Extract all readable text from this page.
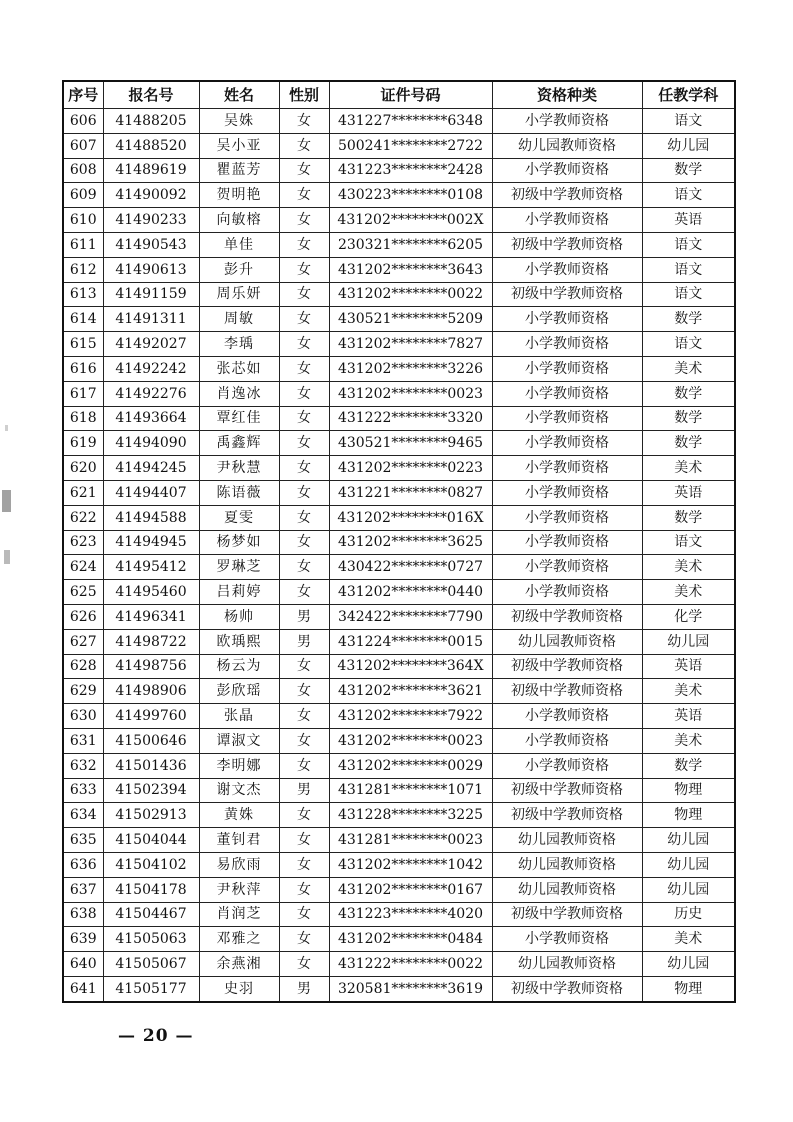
序号	报名号	姓名	性别	证件号码	资格种类	任教学科
606	41488205	吴姝	女	431227********6348	小学教师资格	语文
607	41488520	吴小亚	女	500241********2722	幼儿园教师资格	幼儿园
608	41489619	瞿蓝芳	女	431223********2428	小学教师资格	数学
609	41490092	贺明艳	女	430223********0108	初级中学教师资格	语文
610	41490233	向敏榕	女	431202********002X	小学教师资格	英语
611	41490543	单佳	女	230321********6205	初级中学教师资格	语文
612	41490613	彭升	女	431202********3643	小学教师资格	语文
613	41491159	周乐妍	女	431202********0022	初级中学教师资格	语文
614	41491311	周敏	女	430521********5209	小学教师资格	数学
615	41492027	李瑀	女	431202********7827	小学教师资格	语文
616	41492242	张芯如	女	431202********3226	小学教师资格	美术
617	41492276	肖逸冰	女	431202********0023	小学教师资格	数学
618	41493664	覃红佳	女	431222********3320	小学教师资格	数学
619	41494090	禹鑫辉	女	430521********9465	小学教师资格	数学
620	41494245	尹秋慧	女	431202********0223	小学教师资格	美术
621	41494407	陈语薇	女	431221********0827	小学教师资格	英语
622	41494588	夏雯	女	431202********016X	小学教师资格	数学
623	41494945	杨梦如	女	431202********3625	小学教师资格	语文
624	41495412	罗琳芝	女	430422********0727	小学教师资格	美术
625	41495460	吕莉婷	女	431202********0440	小学教师资格	美术
626	41496341	杨帅	男	342422********7790	初级中学教师资格	化学
627	41498722	欧瑀熙	男	431224********0015	幼儿园教师资格	幼儿园
628	41498756	杨云为	女	431202********364X	初级中学教师资格	英语
629	41498906	彭欣瑶	女	431202********3621	初级中学教师资格	美术
630	41499760	张晶	女	431202********7922	小学教师资格	英语
631	41500646	谭淑文	女	431202********0023	小学教师资格	美术
632	41501436	李明娜	女	431202********0029	小学教师资格	数学
633	41502394	谢文杰	男	431281********1071	初级中学教师资格	物理
634	41502913	黄姝	女	431228********3225	初级中学教师资格	物理
635	41504044	董钊君	女	431281********0023	幼儿园教师资格	幼儿园
636	41504102	易欣雨	女	431202********1042	幼儿园教师资格	幼儿园
637	41504178	尹秋萍	女	431202********0167	幼儿园教师资格	幼儿园
638	41504467	肖润芝	女	431223********4020	初级中学教师资格	历史
639	41505063	邓雅之	女	431202********0484	小学教师资格	美术
640	41505067	余燕湘	女	431222********0022	幼儿园教师资格	幼儿园
641	41505177	史羽	男	320581********3619	初级中学教师资格	物理
— 20 —
